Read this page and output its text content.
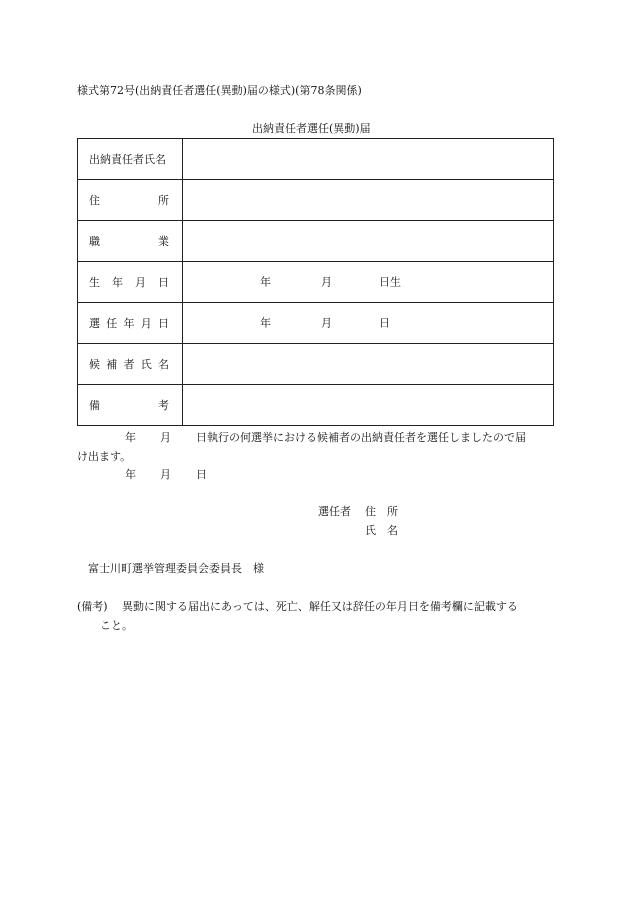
様式第72号(出納責任者選任(異動)届の様式)(第78条関係)
出納責任者選任(異動)届
出納責任者氏名	

住 所	

職 業	

生 年 月 日	年 月 日生

選 任 年 月 日	年 月 日

候 補 者 氏 名	

備 考	

年 月 日執行の何選挙における候補者の出納責任者を選任しましたので届
け出ます。
年 月 日
選任者 住　所
氏　名
富士川町選挙管理委員会委員長　様
(備考) 異動に関する届出にあっては、死亡、解任又は辞任の年月日を備考欄に記載する
こと。
